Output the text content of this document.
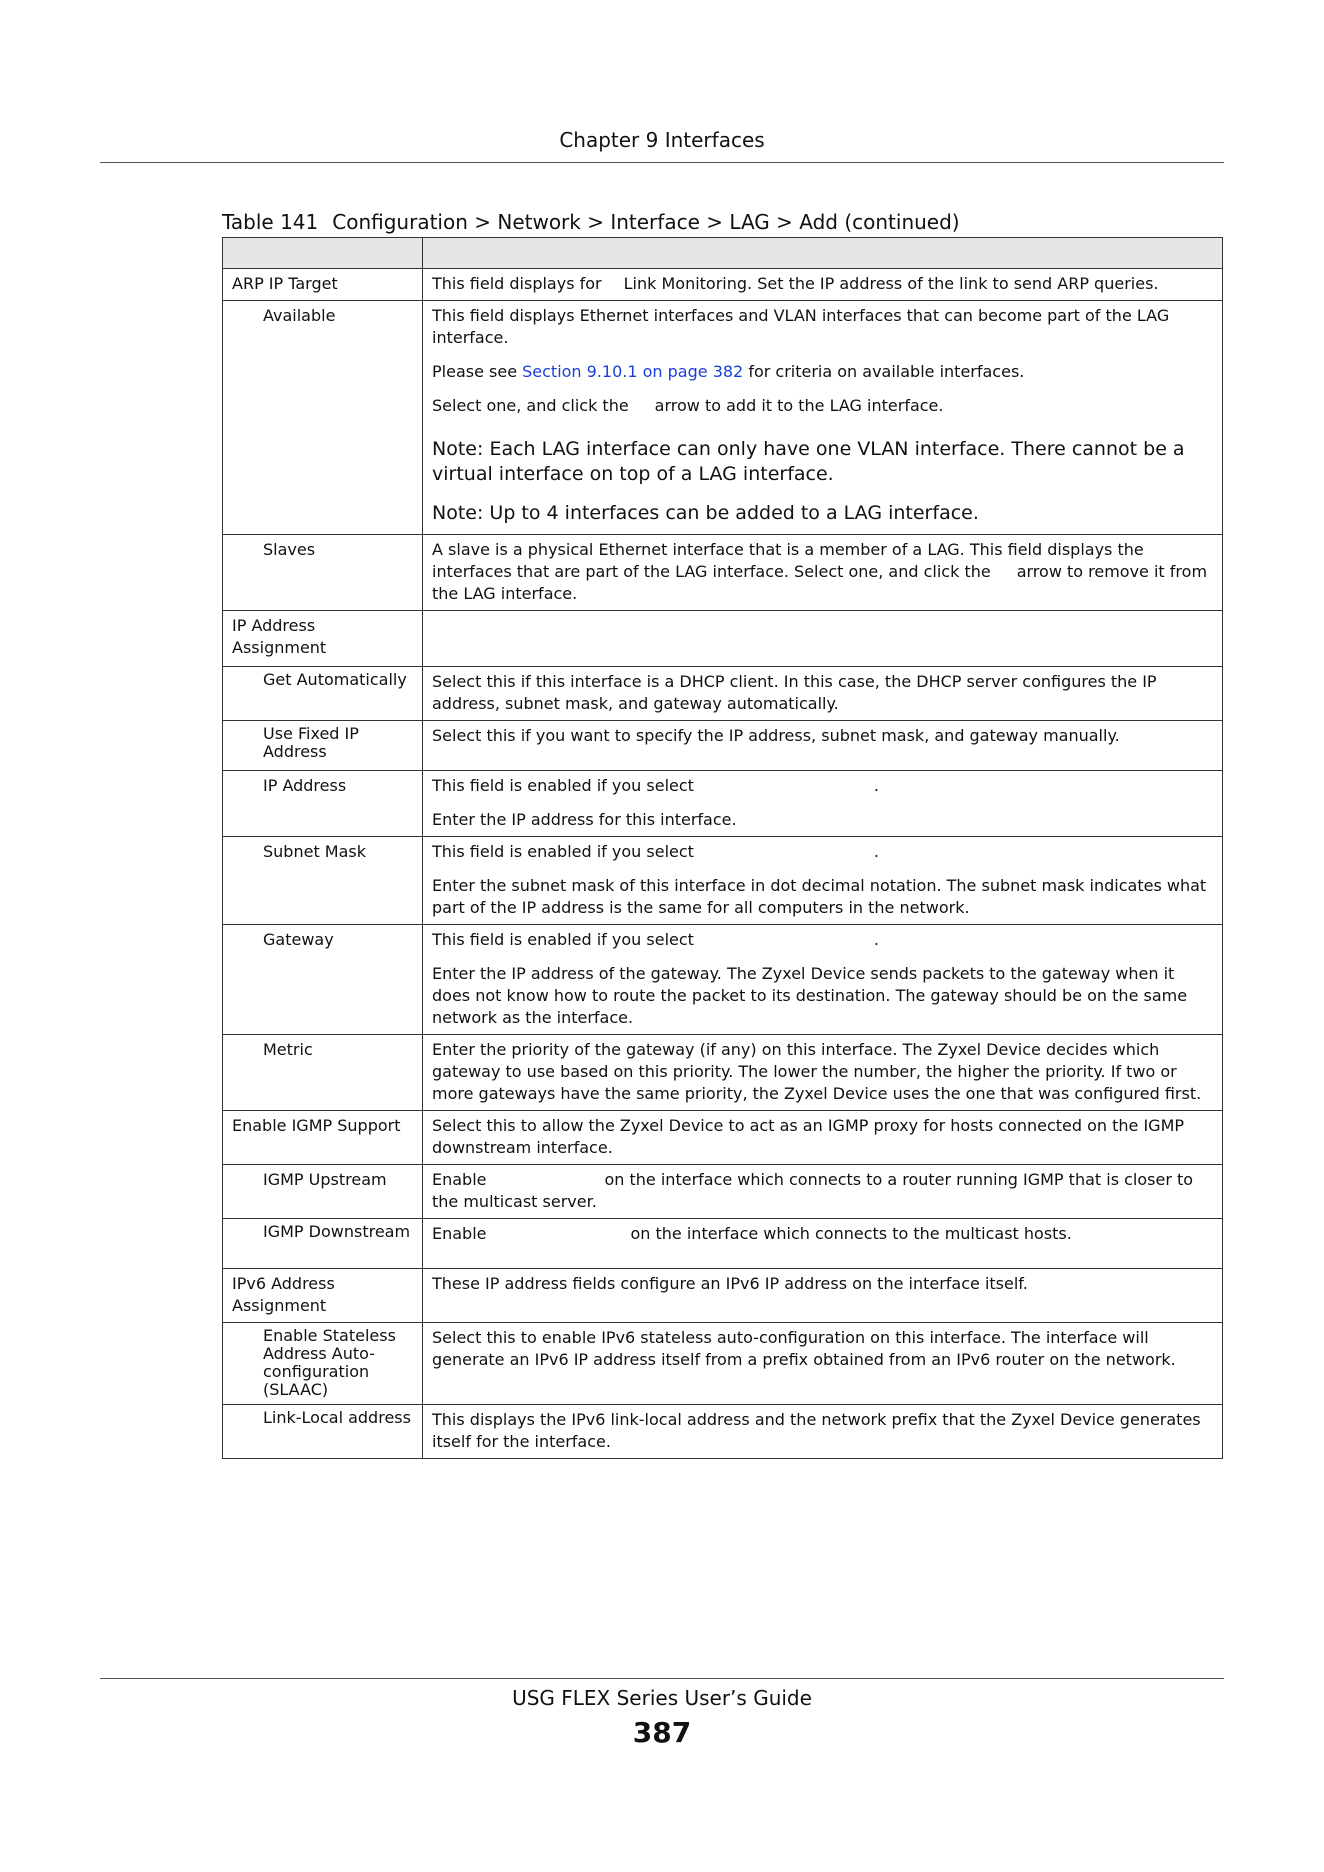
Chapter 9 Interfaces
Table 141 Configuration > Network > Interface > LAG > Add (continued)

ARP IP Target	This field displays for Link Monitoring. Set the IP address of the link to send ARP queries.
Available	This field displays Ethernet interfaces and VLAN interfaces that can become part of the LAG interface.

Please see Section 9.10.1 on page 382 for criteria on available interfaces.

Select one, and click the arrow to add it to the LAG interface.

Note: Each LAG interface can only have one VLAN interface. There cannot be a virtual interface on top of a LAG interface.
Note: Up to 4 interfaces can be added to a LAG interface.

Slaves	A slave is a physical Ethernet interface that is a member of a LAG. This field displays the interfaces that are part of the LAG interface. Select one, and click the arrow to remove it from the LAG interface.
IP Address Assignment	

Get Automatically	Select this if this interface is a DHCP client. In this case, the DHCP server configures the IP address, subnet mask, and gateway automatically.

Use Fixed IP Address	Select this if you want to specify the IP address, subnet mask, and gateway manually.
IP Address	This field is enabled if you select .

Enter the IP address for this interface.

Subnet Mask	This field is enabled if you select .

Enter the subnet mask of this interface in dot decimal notation. The subnet mask indicates what part of the IP address is the same for all computers in the network.

Gateway	This field is enabled if you select .

Enter the IP address of the gateway. The Zyxel Device sends packets to the gateway when it does not know how to route the packet to its destination. The gateway should be on the same network as the interface.

Metric	Enter the priority of the gateway (if any) on this interface. The Zyxel Device decides which gateway to use based on this priority. The lower the number, the higher the priority. If two or more gateways have the same priority, the Zyxel Device uses the one that was configured first.
Enable IGMP Support	Select this to allow the Zyxel Device to act as an IGMP proxy for hosts connected on the IGMP downstream interface.
IGMP Upstream	Enable on the interface which connects to a router running IGMP that is closer to the multicast server.

IGMP Downstream	Enable on the interface which connects to the multicast hosts.
IPv6 Address Assignment	These IP address fields configure an IPv6 IP address on the interface itself.

Enable Stateless Address Auto-configuration (SLAAC)	Select this to enable IPv6 stateless auto-configuration on this interface. The interface will generate an IPv6 IP address itself from a prefix obtained from an IPv6 router on the network.

Link-Local address	This displays the IPv6 link-local address and the network prefix that the Zyxel Device generates itself for the interface.
USG FLEX Series User’s Guide
387
